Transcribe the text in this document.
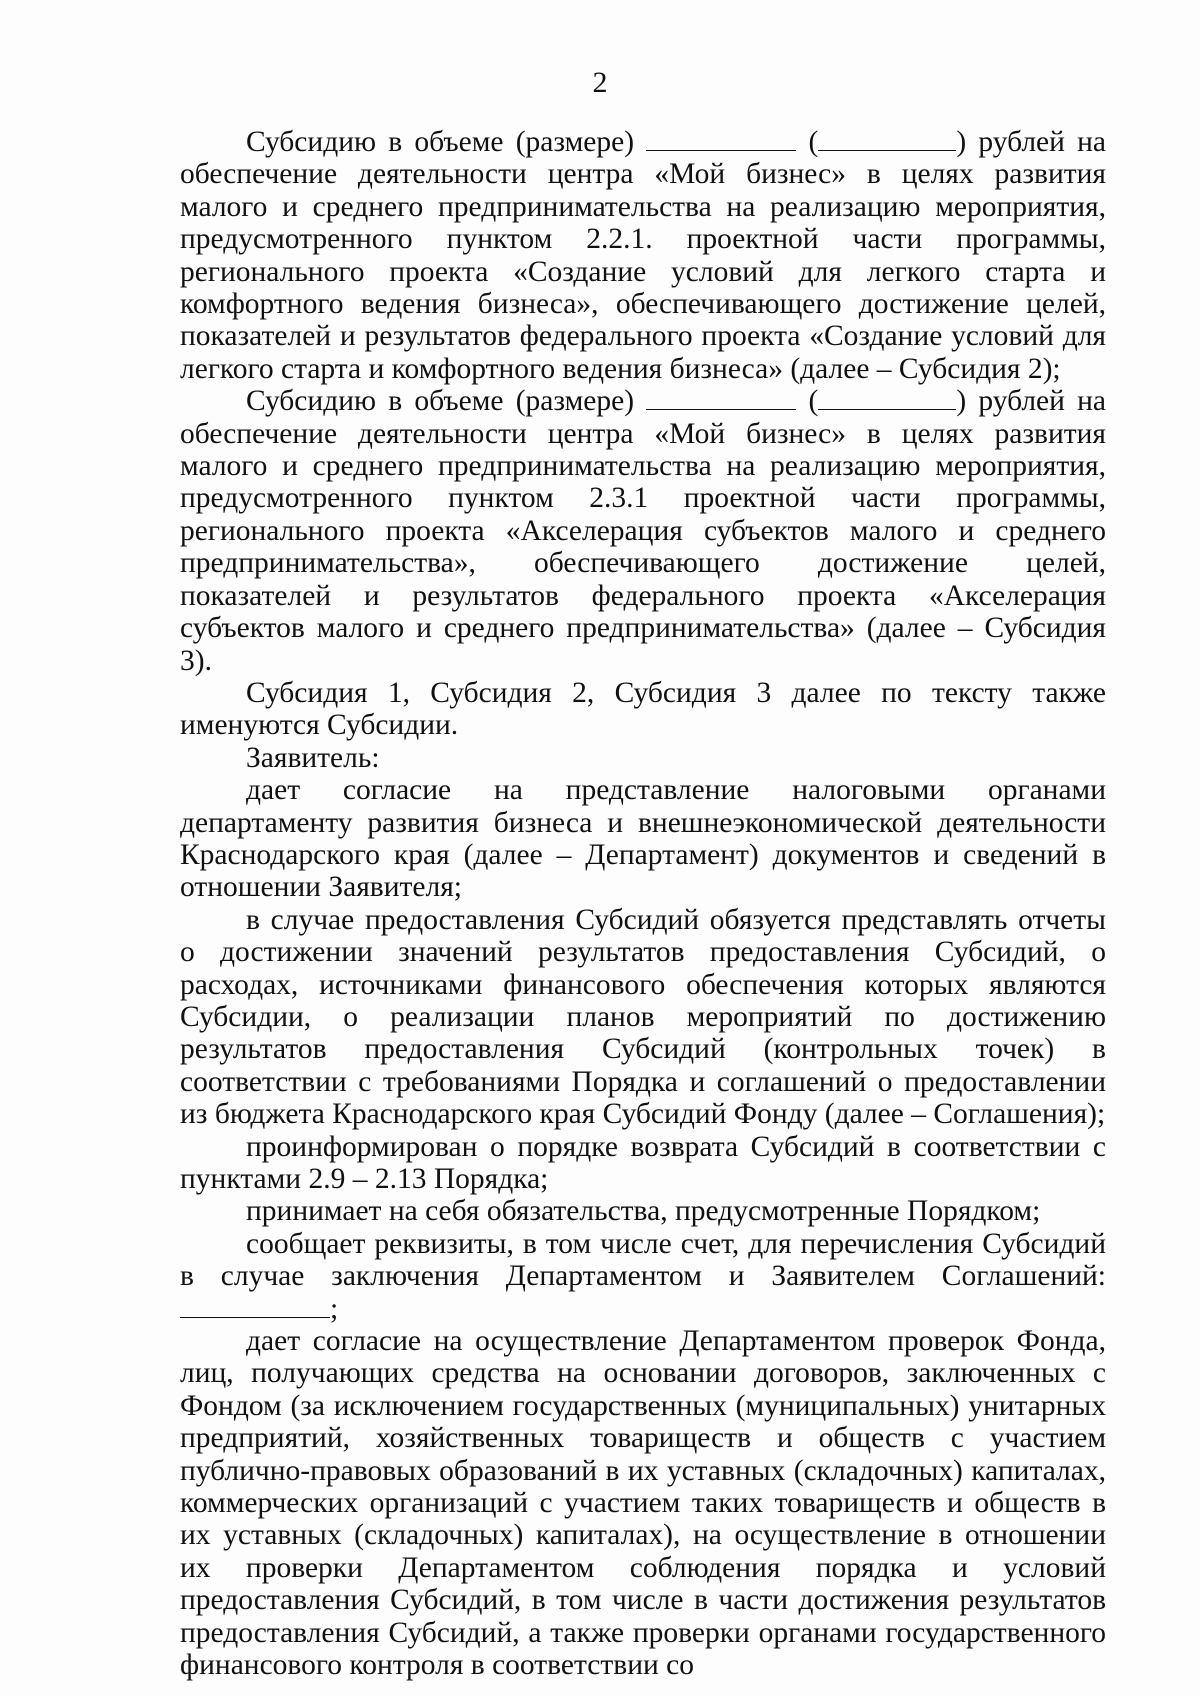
2

Субсидию в объеме (размере)	(	) рублей на обеспечение деятельности центра «Мой бизнес» в целях развития малого и среднего предпринимательства на реализацию мероприятия, предусмотренного пунктом 2.2.1. проектной части программы, регионального проекта «Создание условий для легкого старта и комфортного ведения бизнеса», обеспечивающего достижение целей, показателей и результатов федерального проекта «Создание условий для легкого старта и комфортного ведения бизнеса» (далее – Субсидия 2);

Субсидию в объеме (размере)	(	) рублей на обеспечение деятельности центра «Мой бизнес» в целях развития малого и среднего предпринимательства на реализацию мероприятия, предусмотренного пунктом 2.3.1 проектной части программы, регионального проекта «Акселерация субъектов малого и среднего предпринимательства», обеспечивающего достижение целей, показателей и результатов федерального проекта «Акселерация субъектов малого и среднего предпринимательства» (далее – Субсидия 3).

Субсидия 1, Субсидия 2, Субсидия 3 далее по тексту также именуются Субсидии.

Заявитель:

дает согласие на представление налоговыми органами департаменту развития бизнеса и внешнеэкономической деятельности Краснодарского края (далее – Департамент) документов и сведений в отношении Заявителя;

в случае предоставления Субсидий обязуется представлять отчеты о достижении значений результатов предоставления Субсидий, о расходах, источниками финансового обеспечения которых являются Субсидии, о реализации планов мероприятий по достижению результатов предоставления Субсидий (контрольных точек) в соответствии с требованиями Порядка и соглашений о предоставлении из бюджета Краснодарского края Субсидий Фонду (далее – Соглашения);

проинформирован о порядке возврата Субсидий в соответствии с пунктами 2.9 – 2.13 Порядка;

принимает на себя обязательства, предусмотренные Порядком;

сообщает реквизиты, в том числе счет, для перечисления Субсидий в случае заключения Департаментом и Заявителем Соглашений: ;

дает согласие на осуществление Департаментом проверок Фонда, лиц, получающих средства на основании договоров, заключенных с Фондом (за исключением государственных (муниципальных) унитарных предприятий, хозяйственных товариществ и обществ с участием публично-правовых образований в их уставных (складочных) капиталах, коммерческих организаций с участием таких товариществ и обществ в их уставных (складочных) капиталах), на осуществление в отношении их проверки Департаментом соблюдения порядка и условий предоставления Субсидий, в том числе в части достижения результатов предоставления Субсидий, а также проверки органами государственного финансового контроля в соответствии со
